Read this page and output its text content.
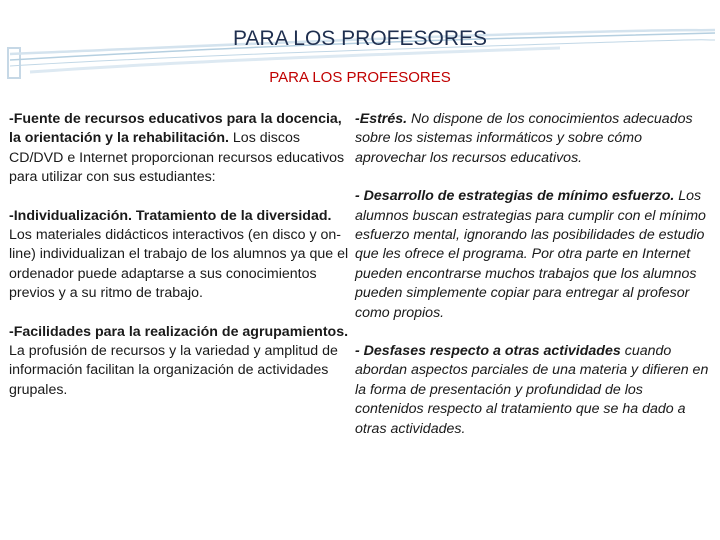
PARA LOS PROFESORES
PARA LOS PROFESORES

-Fuente de recursos educativos para la docencia, la orientación y la rehabilitación. Los discos CD/DVD e Internet proporcionan recursos educativos para utilizar con sus estudiantes:

-Individualización. Tratamiento de la diversidad. Los materiales didácticos interactivos (en disco y on-line) individualizan el trabajo de los alumnos ya que el ordenador puede adaptarse a sus conocimientos previos y a su ritmo de trabajo.

-Facilidades para la realización de agrupamientos. La profusión de recursos y la variedad y amplitud de información facilitan la organización de actividades grupales.

-Estrés. No dispone de los conocimientos adecuados sobre los sistemas informáticos y sobre cómo aprovechar los recursos educativos.

- Desarrollo de estrategias de mínimo esfuerzo. Los alumnos buscan estrategias para cumplir con el mínimo esfuerzo mental, ignorando las posibilidades de estudio que les ofrece el programa. Por otra parte en Internet pueden encontrarse muchos trabajos que los alumnos pueden simplemente copiar para entregar al profesor como propios.

- Desfases respecto a otras actividades cuando abordan aspectos parciales de una materia y difieren en la forma de presentación y profundidad de los contenidos respecto al tratamiento que se ha dado a otras actividades.
